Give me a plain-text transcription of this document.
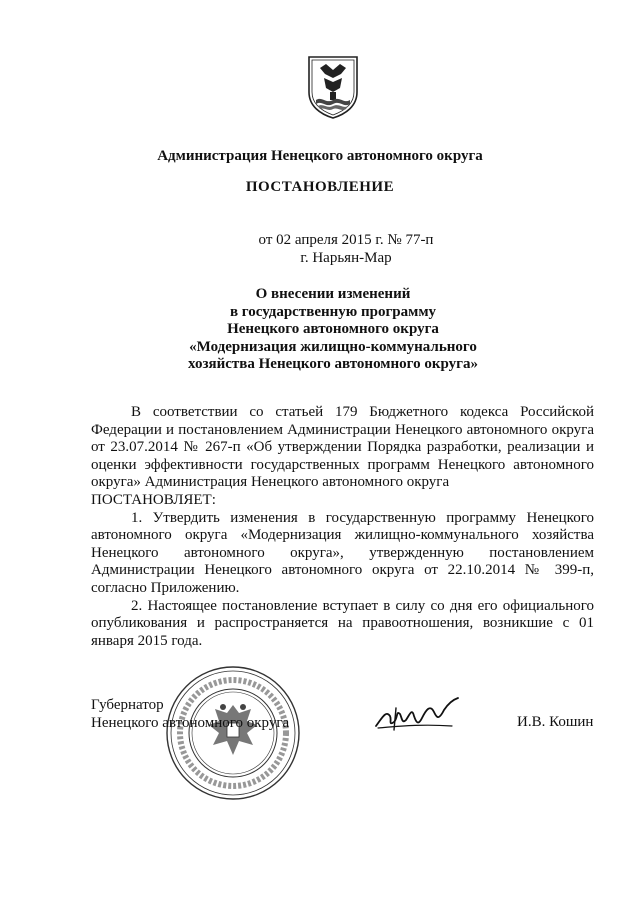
Администрация Ненецкого автономного округа
ПОСТАНОВЛЕНИЕ
от 02 апреля 2015 г. № 77-п
г. Нарьян-Мар
О внесении изменений
в государственную программу
Ненецкого автономного округа
«Модернизация жилищно-коммунального
хозяйства Ненецкого автономного округа»

В соответствии со статьей 179 Бюджетного кодекса Российской Федерации и постановлением Администрации Ненецкого автономного округа от 23.07.2014 № 267-п «Об утверждении Порядка разработки, реализации и оценки эффективности государственных программ Ненецкого автономного округа» Администрация Ненецкого автономного округа

ПОСТАНОВЛЯЕТ:

1. Утвердить изменения в государственную программу Ненецкого автономного округа «Модернизация жилищно-коммунального хозяйства Ненецкого автономного округа», утвержденную постановлением Администрации Ненецкого автономного округа от 22.10.2014 № 399-п, согласно Приложению.

2. Настоящее постановление вступает в силу со дня его официального опубликования и распространяется на правоотношения, возникшие с 01 января 2015 года.

Губернатор
Ненецкого автономного округа	И.В. Кошин
